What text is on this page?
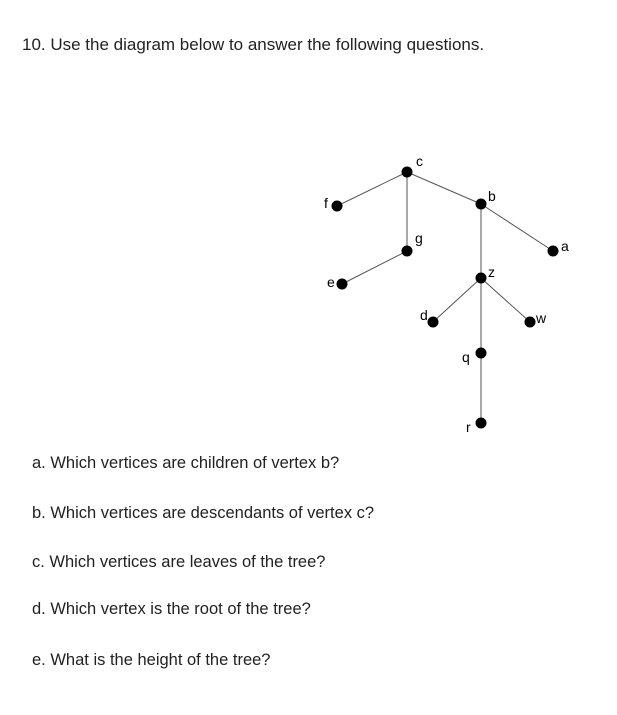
10. Use the diagram below to answer the following questions.
c
f	b
g	a
e
z
d	w
q
r
a. Which vertices are children of vertex b?
b. Which vertices are descendants of vertex c?
c. Which vertices are leaves of the tree?
d. Which vertex is the root of the tree?
e. What is the height of the tree?
